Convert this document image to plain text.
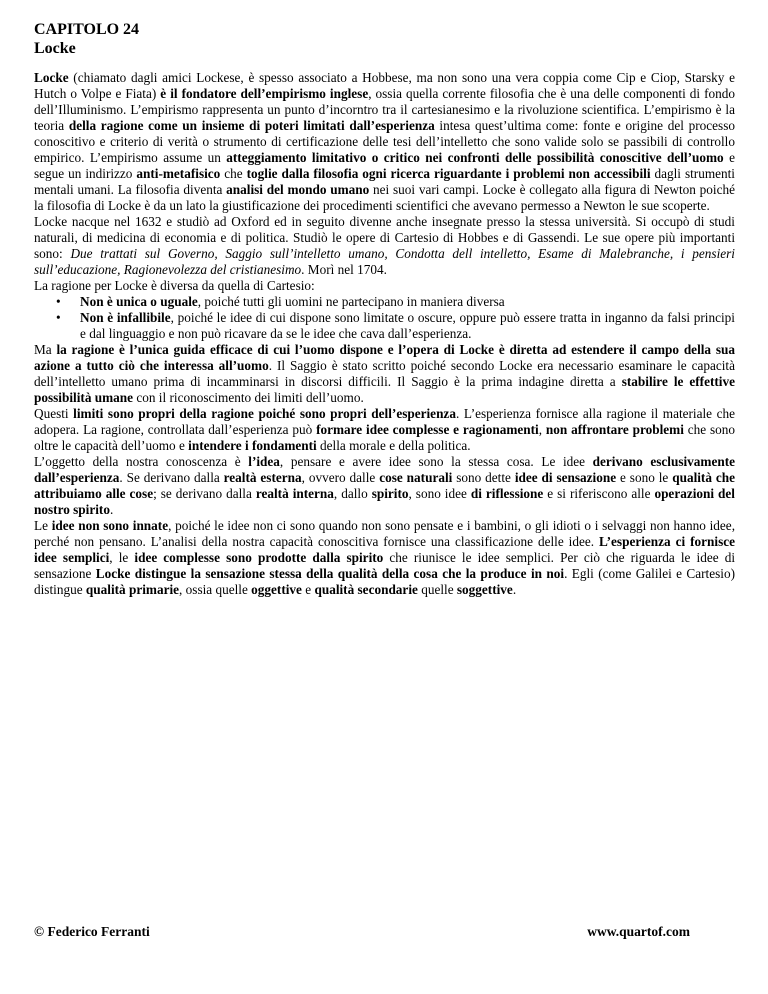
CAPITOLO 24

Locke

Locke (chiamato dagli amici Lockese, è spesso associato a Hobbese, ma non sono una vera coppia come Cip e Ciop, Starsky e Hutch o Volpe e Fiata) è il fondatore dell’empirismo inglese, ossia quella corrente filosofia che è una delle componenti di fondo dell’Illuminismo. L’empirismo rappresenta un punto d’incorntro tra il cartesianesimo e la rivoluzione scientifica. L’empirismo è la teoria della ragione come un insieme di poteri limitati dall’esperienza intesa quest’ultima come: fonte e origine del processo conoscitivo e criterio di verità o strumento di certificazione delle tesi dell’intelletto che sono valide solo se passibili di controllo empirico. L’empirismo assume un atteggiamento limitativo o critico nei confronti delle possibilità conoscitive dell’uomo e segue un indirizzo anti-metafisico che toglie dalla filosofia ogni ricerca riguardante i problemi non accessibili dagli strumenti mentali umani. La filosofia diventa analisi del mondo umano nei suoi vari campi. Locke è collegato alla figura di Newton poiché la filosofia di Locke è da un lato la giustificazione dei procedimenti scientifici che avevano permesso a Newton le sue scoperte.

Locke nacque nel 1632 e studiò ad Oxford ed in seguito divenne anche insegnate presso la stessa università. Si occupò di studi naturali, di medicina di economia e di politica. Studiò le opere di Cartesio di Hobbes e di Gassendi. Le sue opere più importanti sono: Due trattati sul Governo, Saggio sull’intelletto umano, Condotta dell intelletto, Esame di Malebranche, i pensieri sull’educazione, Ragionevolezza del cristianesimo. Morì nel 1704.

La ragione per Locke è diversa da quella di Cartesio:

• Non è unica o uguale, poiché tutti gli uomini ne partecipano in maniera diversa
• Non è infallibile, poiché le idee di cui dispone sono limitate o oscure, oppure può essere tratta in inganno da falsi principi e dal linguaggio e non può ricavare da se le idee che cava dall’esperienza.

Ma la ragione è l’unica guida efficace di cui l’uomo dispone e l’opera di Locke è diretta ad estendere il campo della sua azione a tutto ciò che interessa all’uomo. Il Saggio è stato scritto poiché secondo Locke era necessario esaminare le capacità dell’intelletto umano prima di incamminarsi in discorsi difficili. Il Saggio è la prima indagine diretta a stabilire le effettive possibilità umane con il riconoscimento dei limiti dell’uomo.

Questi limiti sono propri della ragione poiché sono propri dell’esperienza. L’esperienza fornisce alla ragione il materiale che adopera. La ragione, controllata dall’esperienza può formare idee complesse e ragionamenti, non affrontare problemi che sono oltre le capacità dell’uomo e intendere i fondamenti della morale e della politica.

L’oggetto della nostra conoscenza è l’idea, pensare e avere idee sono la stessa cosa. Le idee derivano esclusivamente dall’esperienza. Se derivano dalla realtà esterna, ovvero dalle cose naturali sono dette idee di sensazione e sono le qualità che attribuiamo alle cose; se derivano dalla realtà interna, dallo spirito, sono idee di riflessione e si riferiscono alle operazioni del nostro spirito.

Le idee non sono innate, poiché le idee non ci sono quando non sono pensate e i bambini, o gli idioti o i selvaggi non hanno idee, perché non pensano. L’analisi della nostra capacità conoscitiva fornisce una classificazione delle idee. L’esperienza ci fornisce idee semplici, le idee complesse sono prodotte dalla spirito che riunisce le idee semplici. Per ciò che riguarda le idee di sensazione Locke distingue la sensazione stessa della qualità della cosa che la produce in noi. Egli (come Galilei e Cartesio) distingue qualità primarie, ossia quelle oggettive e qualità secondarie quelle soggettive.

© Federico Ferranti	www.quartof.com
